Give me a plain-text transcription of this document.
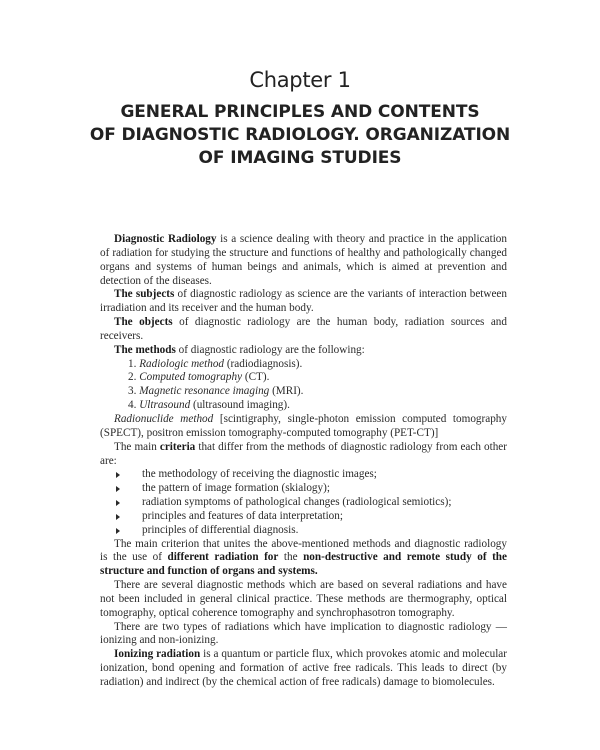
Chapter 1
GENERAL PRINCIPLES AND CONTENTS
OF DIAGNOSTIC RADIOLOGY. ORGANIZATION
OF IMAGING STUDIES

Diagnostic Radiology is a science dealing with theory and practice in the application of radiation for studying the structure and functions of healthy and pathologically changed organs and systems of human beings and animals, which is aimed at prevention and detection of the diseases.

The subjects of diagnostic radiology as science are the variants of interaction between irradiation and its receiver and the human body.

The objects of diagnostic radiology are the human body, radiation sources and receivers.

The methods of diagnostic radiology are the following:

1. Radiologic method (radiodiagnosis).

2. Computed tomography (CT).

3. Magnetic resonance imaging (MRI).

4. Ultrasound (ultrasound imaging).

Radionuclide method [scintigraphy, single-photon emission computed tomography (SPECT), positron emission tomography-computed tomography (PET-CT)]

The main criteria that differ from the methods of diagnostic radiology from each other are:

the methodology of receiving the diagnostic images;

the pattern of image formation (skialogy);

radiation symptoms of pathological changes (radiological semiotics);

principles and features of data interpretation;

principles of differential diagnosis.

The main criterion that unites the above-mentioned methods and diagnostic radiology is the use of different radiation for the non-destructive and remote study of the structure and function of organs and systems.

There are several diagnostic methods which are based on several radiations and have not been included in general clinical practice. These methods are thermography, optical tomography, optical coherence tomography and synchrophasotron tomography.

There are two types of radiations which have implication to diagnostic radiology — ionizing and non-ionizing.

Ionizing radiation is a quantum or particle flux, which provokes atomic and molecular ionization, bond opening and formation of active free radicals. This leads to direct (by radiation) and indirect (by the chemical action of free radicals) damage to biomolecules.
